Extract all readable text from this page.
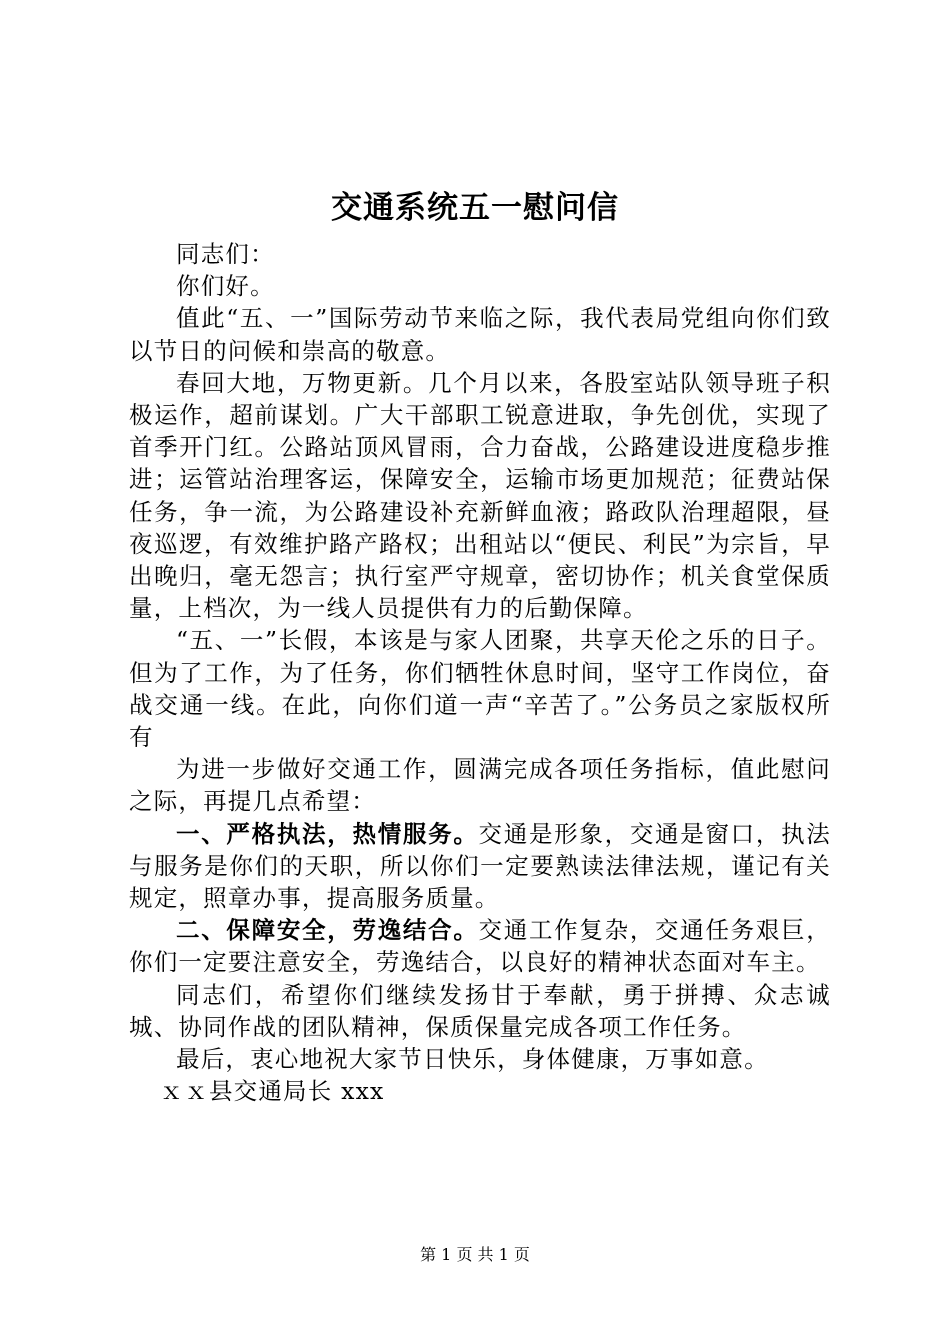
交通系统五一慰问信

同志们：

你们好。

值此“五、一”国际劳动节来临之际，我代表局党组向你们致以节日的问候和崇高的敬意。

春回大地，万物更新。几个月以来，各股室站队领导班子积极运作，超前谋划。广大干部职工锐意进取，争先创优，实现了首季开门红。公路站顶风冒雨，合力奋战，公路建设进度稳步推进；运管站治理客运，保障安全，运输市场更加规范；征费站保任务，争一流，为公路建设补充新鲜血液；路政队治理超限，昼夜巡逻，有效维护路产路权；出租站以“便民、利民”为宗旨，早出晚归，毫无怨言；执行室严守规章，密切协作；机关食堂保质量，上档次，为一线人员提供有力的后勤保障。

“五、一”长假，本该是与家人团聚，共享天伦之乐的日子。但为了工作，为了任务，你们牺牲休息时间，坚守工作岗位，奋战交通一线。在此，向你们道一声“辛苦了。”公务员之家版权所有

为进一步做好交通工作，圆满完成各项任务指标，值此慰问之际，再提几点希望：

一、严格执法，热情服务。交通是形象，交通是窗口，执法与服务是你们的天职，所以你们一定要熟读法律法规，谨记有关规定，照章办事，提高服务质量。

二、保障安全，劳逸结合。交通工作复杂，交通任务艰巨，你们一定要注意安全，劳逸结合，以良好的精神状态面对车主。

同志们，希望你们继续发扬甘于奉献，勇于拼搏、众志诚城、协同作战的团队精神，保质保量完成各项工作任务。

最后，衷心地祝大家节日快乐，身体健康，万事如意。

ｘｘ县交通局长 xxx

第 1 页 共 1 页
